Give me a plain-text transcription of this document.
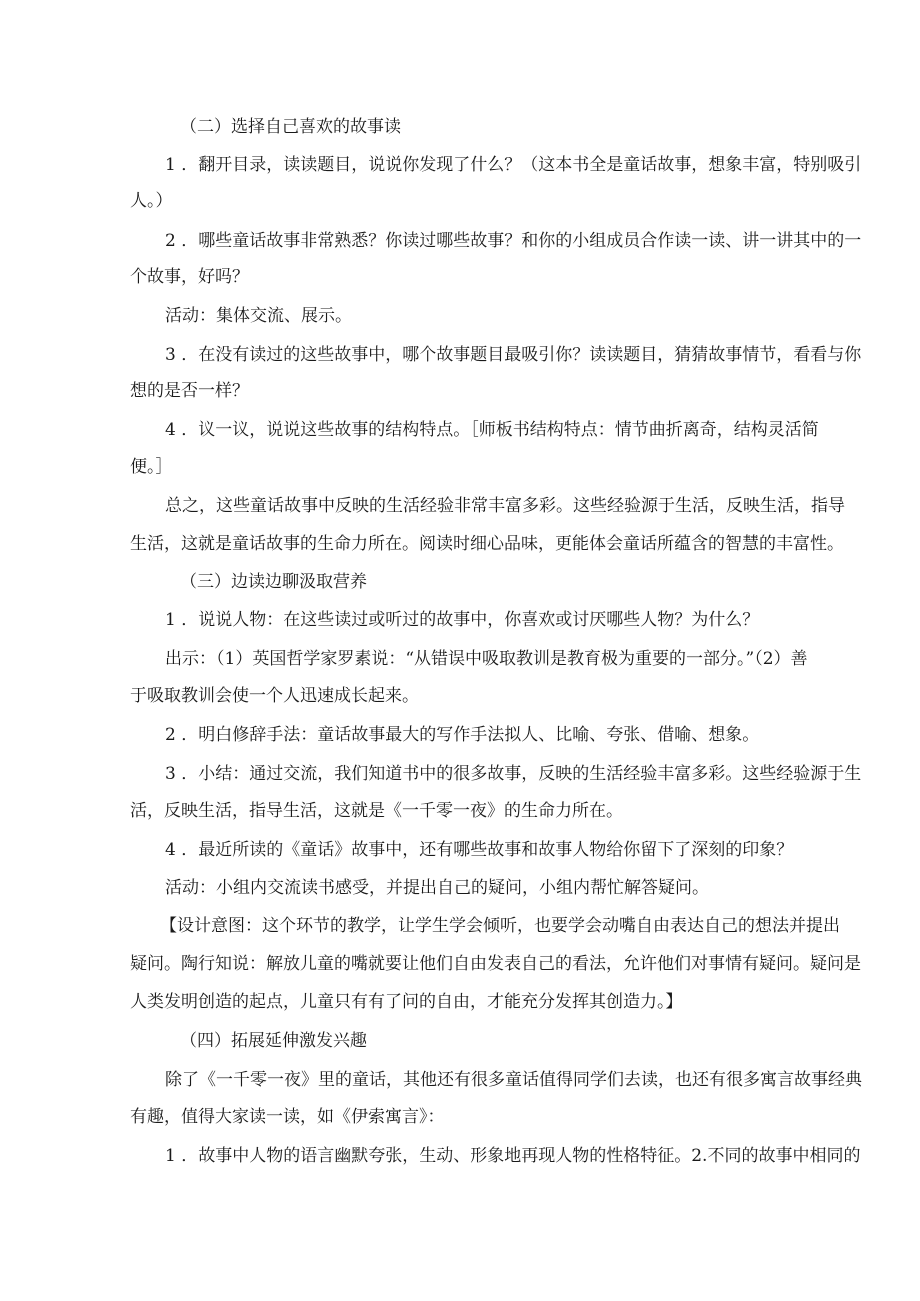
（二）选择自己喜欢的故事读
1 ．翻开目录，读读题目，说说你发现了什么？（这本书全是童话故事，想象丰富，特别吸引
人。）
2 ．哪些童话故事非常熟悉？你读过哪些故事？和你的小组成员合作读一读、讲一讲其中的一
个故事，好吗？
活动：集体交流、展示。
3 ．在没有读过的这些故事中，哪个故事题目最吸引你？读读题目，猜猜故事情节，看看与你
想的是否一样？
4 ．议一议，说说这些故事的结构特点。［师板书结构特点：情节曲折离奇，结构灵活简
便。］
总之，这些童话故事中反映的生活经验非常丰富多彩。这些经验源于生活，反映生活，指导
生活，这就是童话故事的生命力所在。阅读时细心品味，更能体会童话所蕴含的智慧的丰富性。
（三）边读边聊汲取营养
1 ．说说人物：在这些读过或听过的故事中，你喜欢或讨厌哪些人物？为什么？
出示：（1）英国哲学家罗素说：“从错误中吸取教训是教育极为重要的一部分。”（2）善
于吸取教训会使一个人迅速成长起来。
2 ．明白修辞手法：童话故事最大的写作手法拟人、比喻、夸张、借喻、想象。
3 ．小结：通过交流，我们知道书中的很多故事，反映的生活经验丰富多彩。这些经验源于生
活，反映生活，指导生活，这就是《一千零一夜》的生命力所在。
4 ．最近所读的《童话》故事中，还有哪些故事和故事人物给你留下了深刻的印象？
活动：小组内交流读书感受，并提出自己的疑问，小组内帮忙解答疑问。
【设计意图：这个环节的教学，让学生学会倾听，也要学会动嘴自由表达自己的想法并提出
疑问。陶行知说：解放儿童的嘴就要让他们自由发表自己的看法，允许他们对事情有疑问。疑问是
人类发明创造的起点，儿童只有有了问的自由，才能充分发挥其创造力。】
（四）拓展延伸激发兴趣
除了《一千零一夜》里的童话，其他还有很多童话值得同学们去读，也还有很多寓言故事经典
有趣，值得大家读一读，如《伊索寓言》：
1 ．故事中人物的语言幽默夸张，生动、形象地再现人物的性格特征。2.不同的故事中相同的
